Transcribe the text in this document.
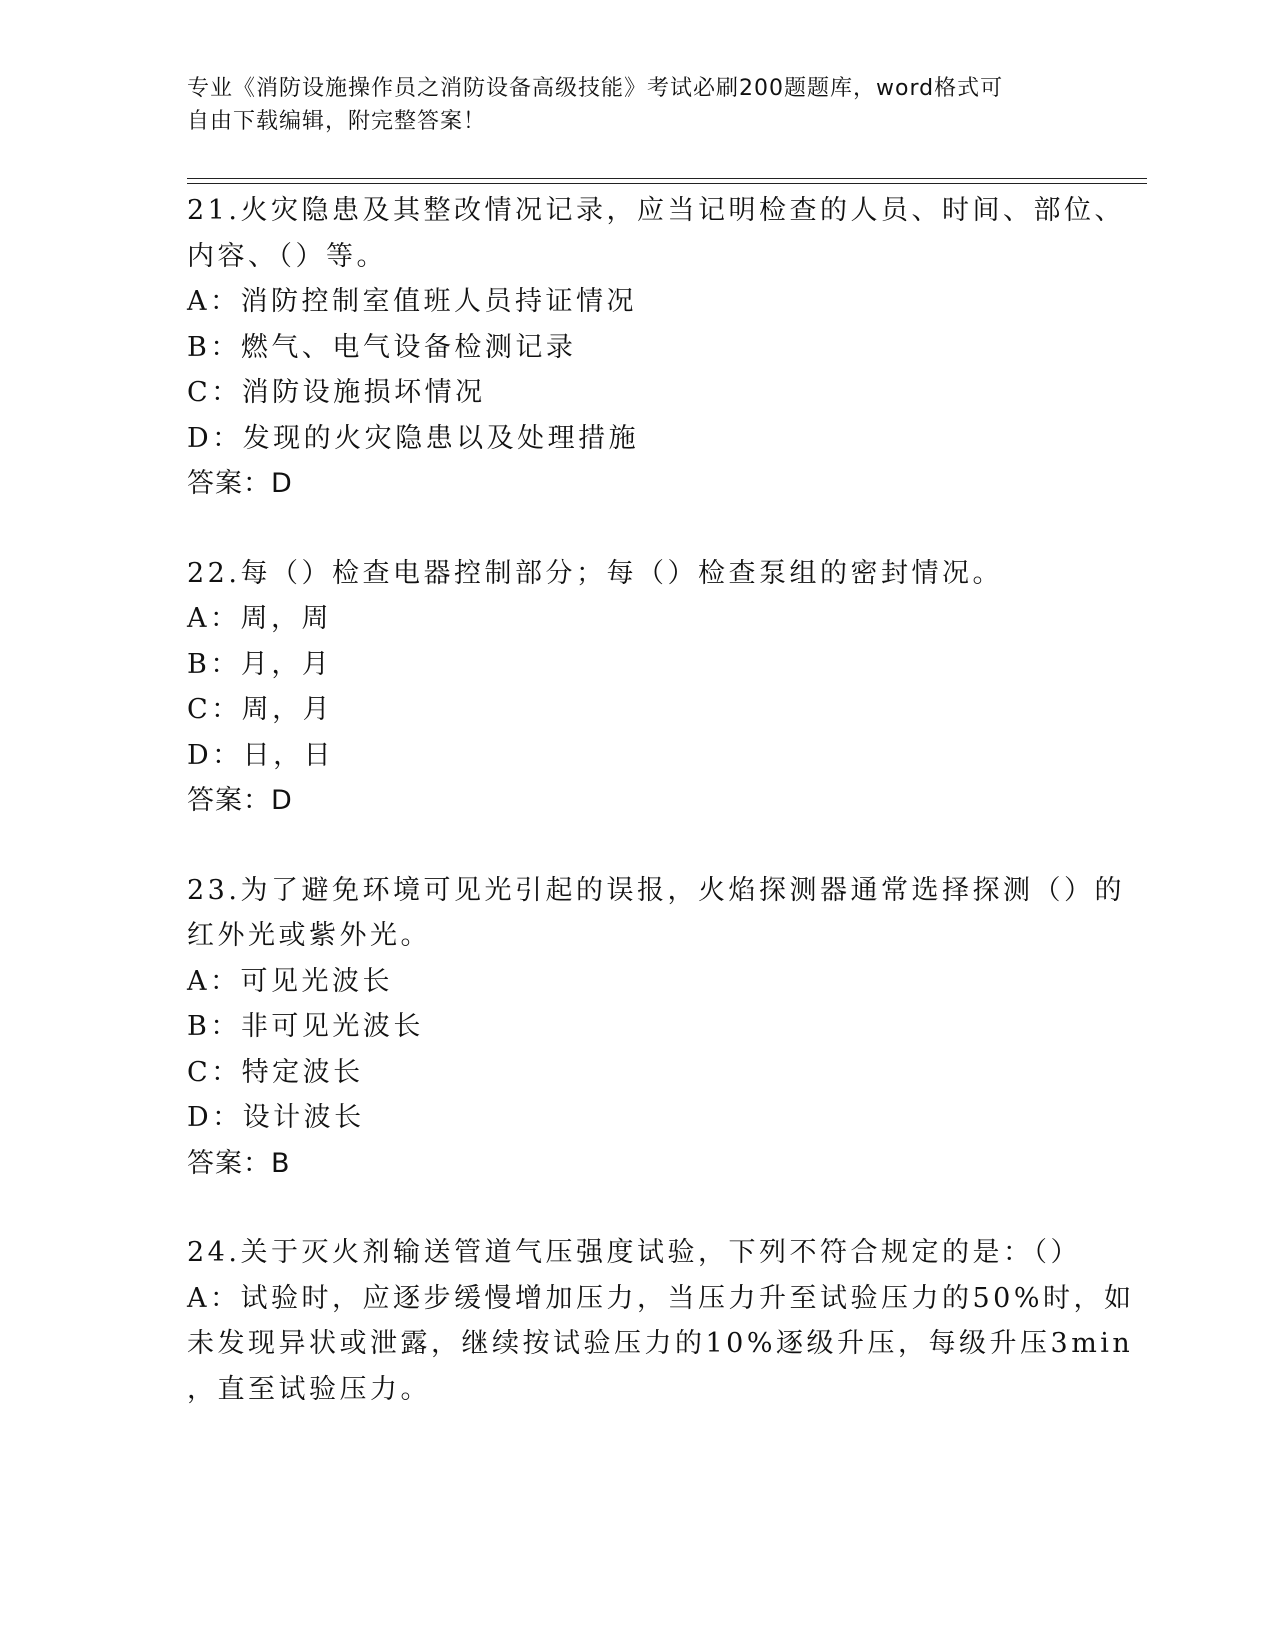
专业《消防设施操作员之消防设备高级技能》考试必刷200题题库，word格式可
自由下载编辑，附完整答案！
21.火灾隐患及其整改情况记录，应当记明检查的人员、时间、部位、
内容、（）等。
A：消防控制室值班人员持证情况
B：燃气、电气设备检测记录
C：消防设施损坏情况
D：发现的火灾隐患以及处理措施
答案：D
22.每（）检查电器控制部分；每（）检查泵组的密封情况。
A：周，周
B：月，月
C：周，月
D：日，日
答案：D
23.为了避免环境可见光引起的误报，火焰探测器通常选择探测（）的
红外光或紫外光。
A：可见光波长
B：非可见光波长
C：特定波长
D：设计波长
答案：B
24.关于灭火剂输送管道气压强度试验，下列不符合规定的是：（）
A：试验时，应逐步缓慢增加压力，当压力升至试验压力的50%时，如
未发现异状或泄露，继续按试验压力的10%逐级升压，每级升压3min
，直至试验压力。
